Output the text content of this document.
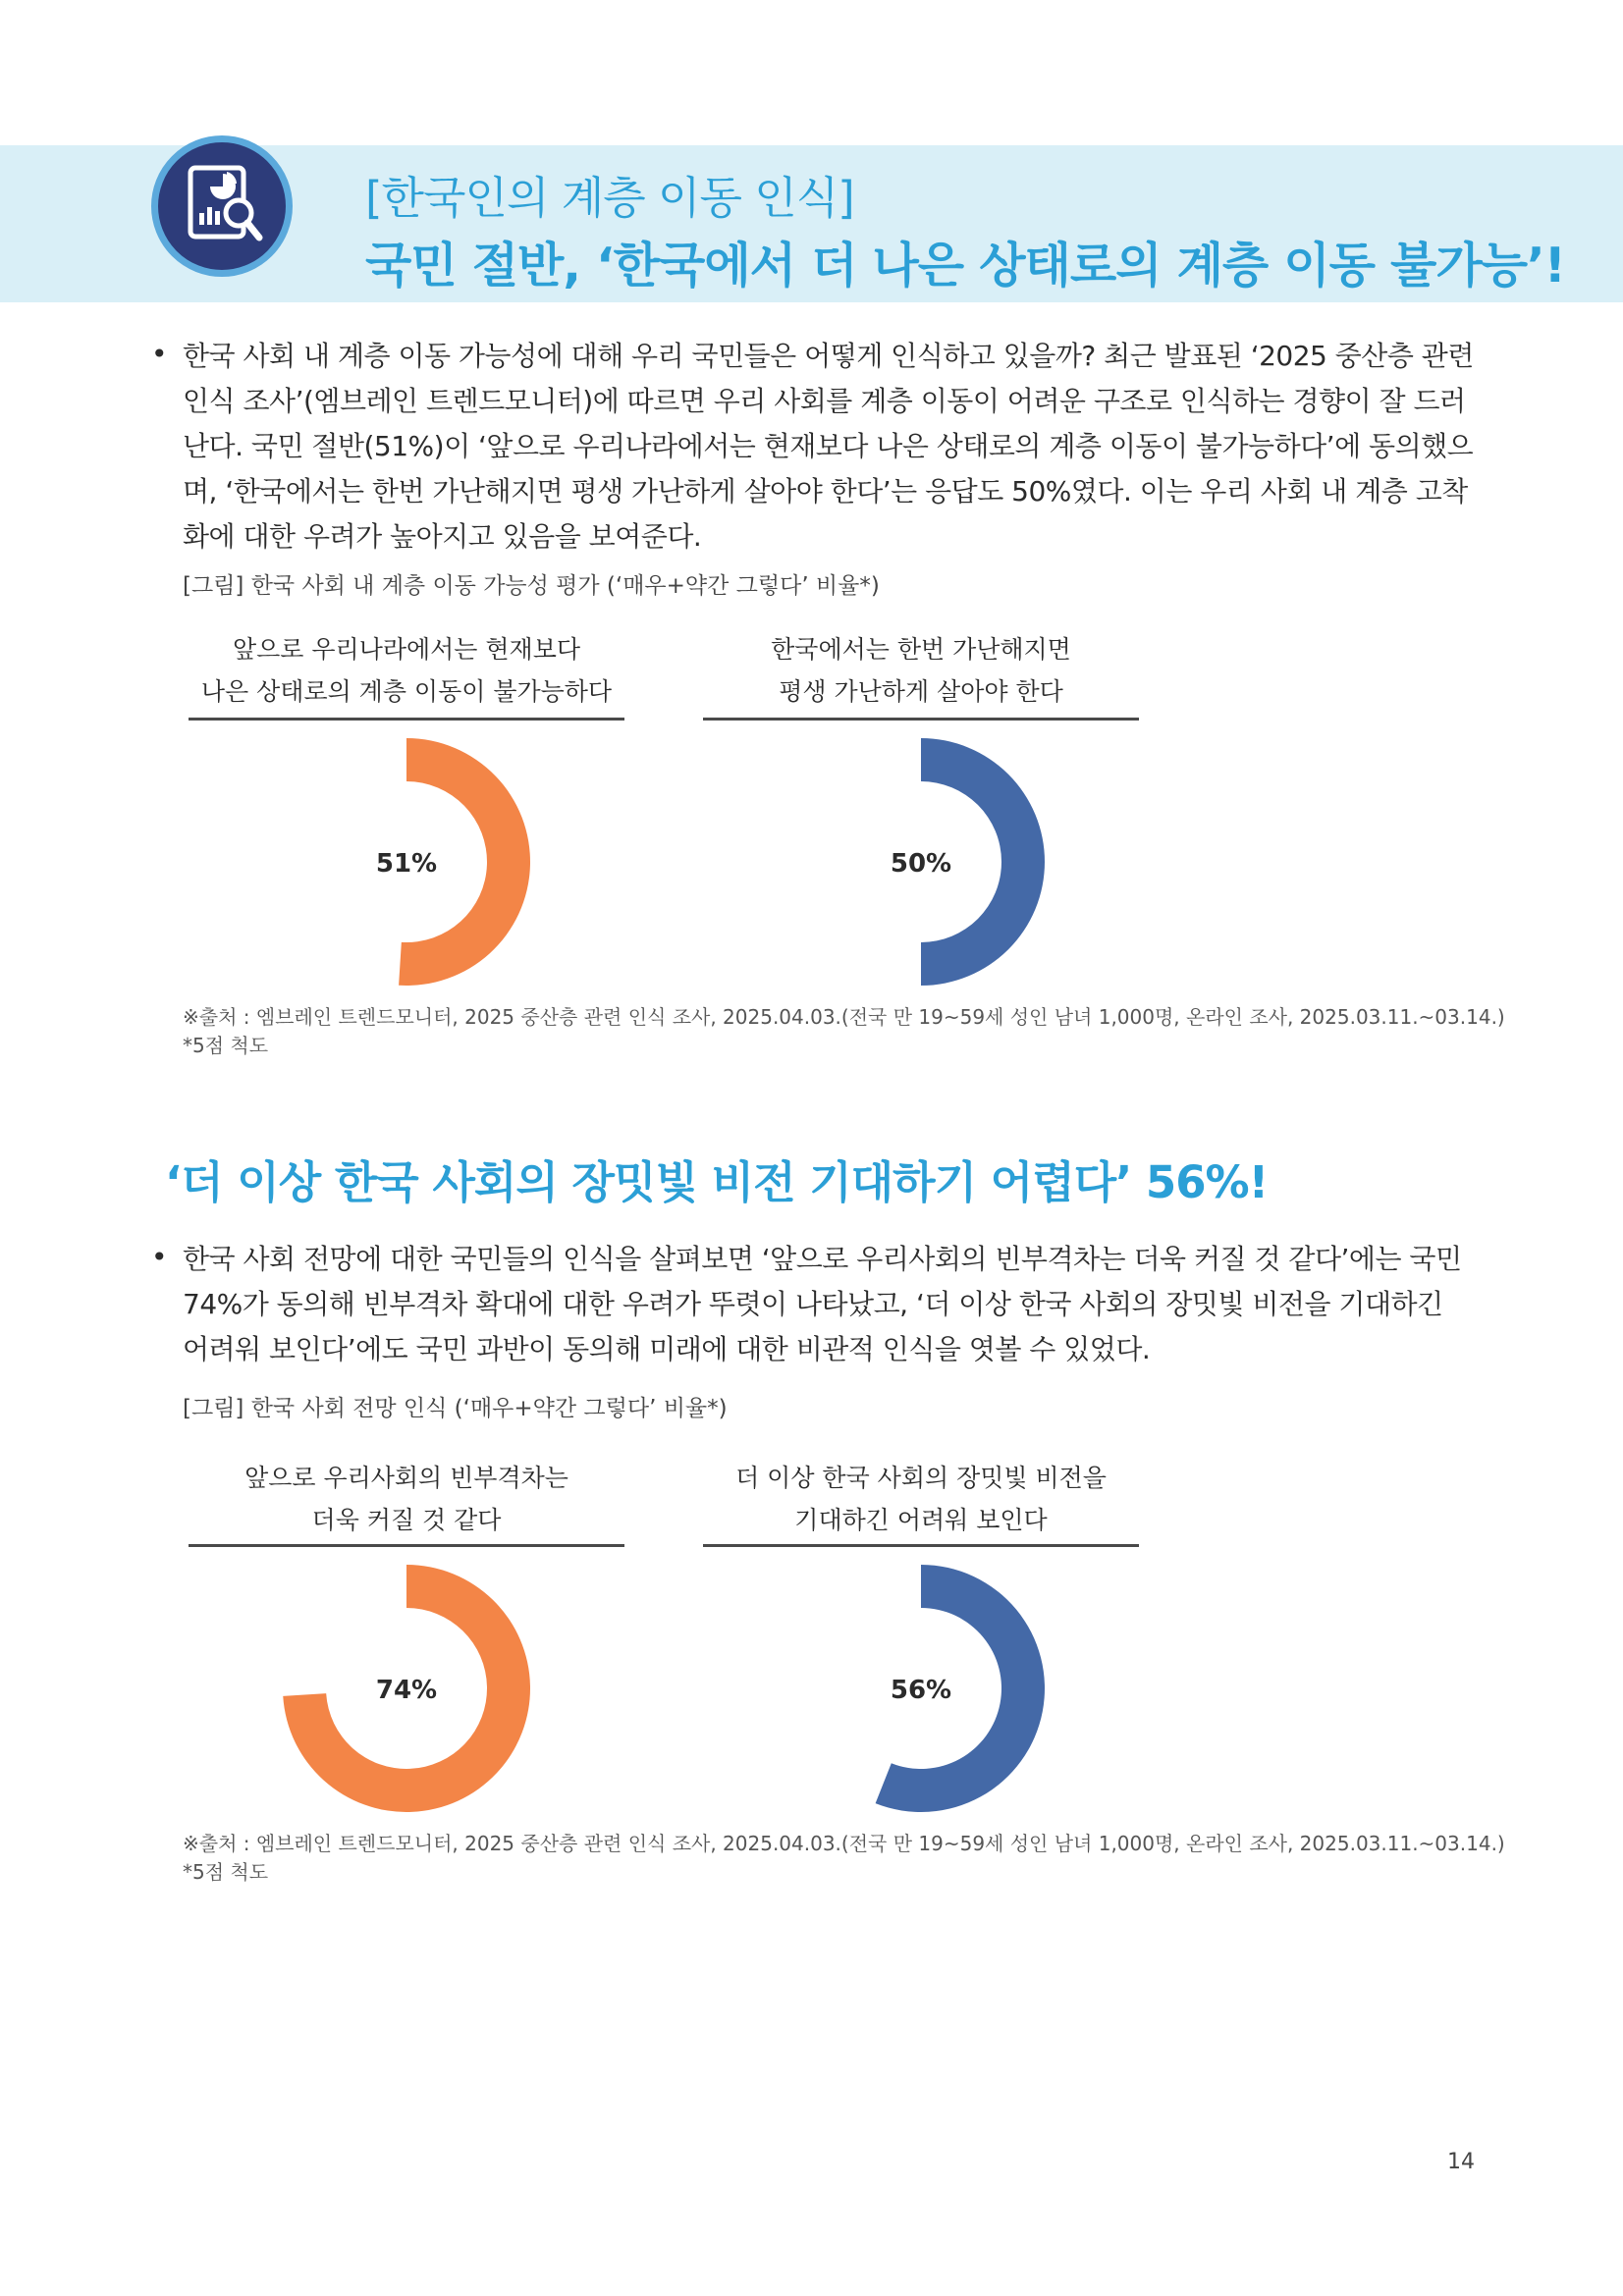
[한국인의 계층 이동 인식]
국민 절반, ‘한국에서 더 나은 상태로의 계층 이동 불가능’!
• 한국 사회 내 계층 이동 가능성에 대해 우리 국민들은 어떻게 인식하고 있을까? 최근 발표된 ‘2025 중산층 관련 인식 조사’(엠브레인 트렌드모니터)에 따르면 우리 사회를 계층 이동이 어려운 구조로 인식하는 경향이 잘 드러난다. 국민 절반(51%)이 ‘앞으로 우리나라에서는 현재보다 나은 상태로의 계층 이동이 불가능하다’에 동의했으며, ‘한국에서는 한번 가난해지면 평생 가난하게 살아야 한다’는 응답도 50%였다. 이는 우리 사회 내 계층 고착화에 대한 우려가 높아지고 있음을 보여준다.
[그림] 한국 사회 내 계층 이동 가능성 평가 (‘매우+약간 그렇다’ 비율*)
앞으로 우리나라에서는 현재보다
나은 상태로의 계층 이동이 불가능하다
51%
한국에서는 한번 가난해지면
평생 가난하게 살아야 한다
50%
※출처 : 엠브레인 트렌드모니터, 2025 중산층 관련 인식 조사, 2025.04.03.(전국 만 19~59세 성인 남녀 1,000명, 온라인 조사, 2025.03.11.~03.14.)
*5점 척도
‘더 이상 한국 사회의 장밋빛 비전 기대하기 어렵다’ 56%!
• 한국 사회 전망에 대한 국민들의 인식을 살펴보면 ‘앞으로 우리사회의 빈부격차는 더욱 커질 것 같다’에는 국민 74%가 동의해 빈부격차 확대에 대한 우려가 뚜렷이 나타났고, ‘더 이상 한국 사회의 장밋빛 비전을 기대하긴 어려워 보인다’에도 국민 과반이 동의해 미래에 대한 비관적 인식을 엿볼 수 있었다.
[그림] 한국 사회 전망 인식 (‘매우+약간 그렇다’ 비율*)
앞으로 우리사회의 빈부격차는
더욱 커질 것 같다
74%
더 이상 한국 사회의 장밋빛 비전을
기대하긴 어려워 보인다
56%
※출처 : 엠브레인 트렌드모니터, 2025 중산층 관련 인식 조사, 2025.04.03.(전국 만 19~59세 성인 남녀 1,000명, 온라인 조사, 2025.03.11.~03.14.)
*5점 척도
14
